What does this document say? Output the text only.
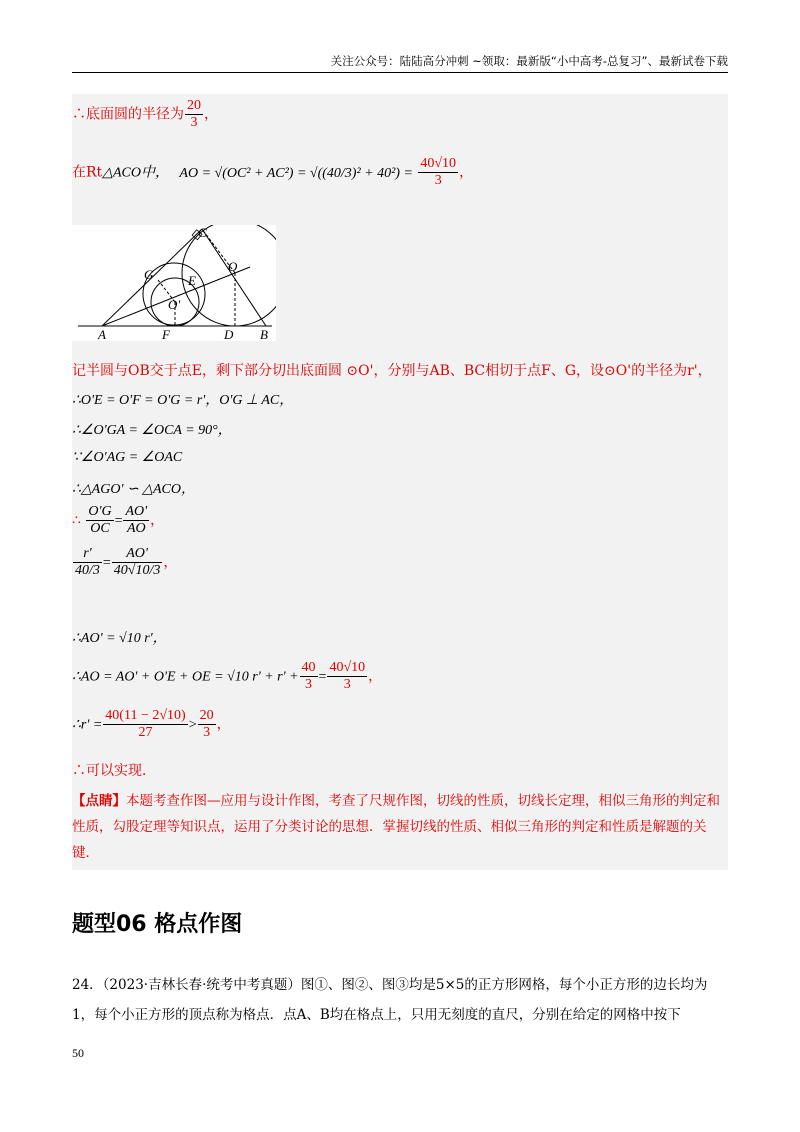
关注公众号：陆陆高分冲刺 ~领取：最新版“小中高考-总复习”、最新试卷下载
∴底面圆的半径为 $\frac{20}{3}$ ，
在Rt△ACO中， AO = $√(OC^2 + AC^2) = √((40/3)^2 + 40^2) = \frac{40√10}{3}$ ，
C
G	E
O
O'
A	F	D B
记半圆与OB交于点E，剩下部分切出底面圆 ⊙O'，分别与AB、BC相切于点F、G，设⊙O'的半径为r'，
∴O'E = O'F = O'G = r'，O'G ⊥ AC，
∴∠O'GA = ∠OCA = 90°，
∵∠O'AG = ∠OAC
∴△AGO' ∽ △ACO，
∴ $\frac{O'G}{OC} = \frac{AO'}{AO}$ ，
$\frac{r'}{40/3} = \frac{AO'}{40√10/3}$ ，
∴AO' = √10 r'，
∴AO = AO' + O'E + OE = √10 $r' + r' + \frac{40}{3} = \frac{40√10}{3}$ ，
∴r' = $\frac{40(11 - 2√10)}{27} > \frac{20}{3}$ ，
∴可以实现．
【点睛】本题考查作图—应用与设计作图，考查了尺规作图，切线的性质，切线长定理，相似三角形的判定和性质，勾股定理等知识点，运用了分类讨论的思想．掌握切线的性质、相似三角形的判定和性质是解题的关键．
题型06 格点作图
24．（2023·吉林长春·统考中考真题）图①、图②、图③均是5×5的正方形网格，每个小正方形的边长均为1，每个小正方形的顶点称为格点．点A、B均在格点上，只用无刻度的直尺，分别在给定的网格中按下
50
